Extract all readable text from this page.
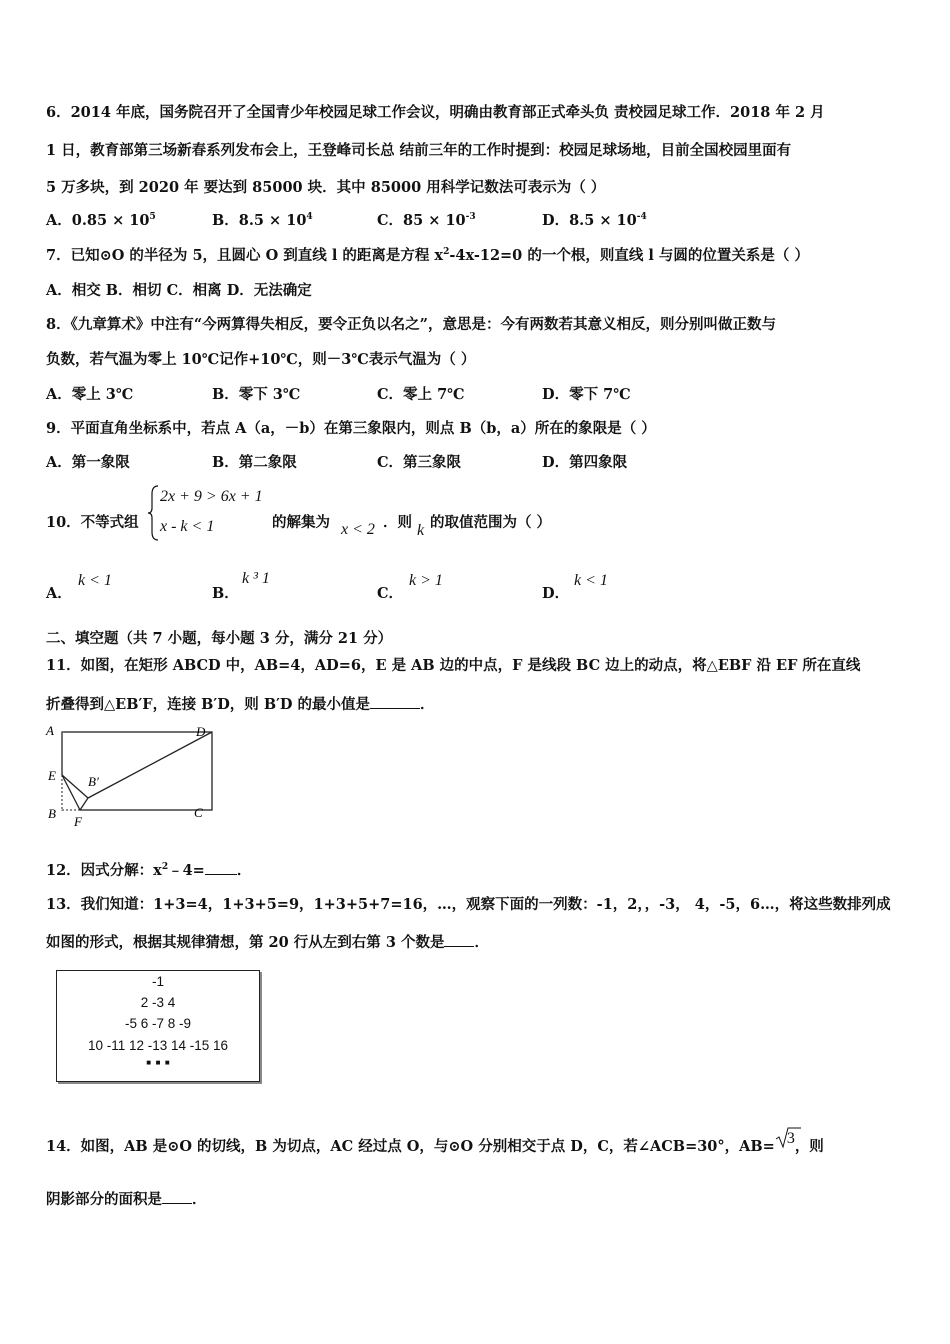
6．2014 年底，国务院召开了全国青少年校园足球工作会议，明确由教育部正式牵头负 责校园足球工作．2018 年 2 月
1 日，教育部第三场新春系列发布会上，王登峰司长总 结前三年的工作时提到：校园足球场地，目前全国校园里面有
5 万多块，到 2020 年 要达到 85000 块．其中 85000 用科学记数法可表示为（ ）
A．$0.85 \times 10^5$	B．$8.5 \times 10^4$	C．$85 \times 10^{-3}$	D．$8.5 \times 10^{-4}$
7．已知⊙O 的半径为 5，且圆心 O 到直线 l 的距离是方程 $x^2-4x-12=0$ 的一个根，则直线 l 与圆的位置关系是（ ）
A．相交 B．相切 C．相离 D．无法确定
8．《九章算术》中注有“今两算得失相反，要令正负以名之”，意思是：今有两数若其意义相反，则分别叫做正数与
负数，若气温为零上 10℃记作+10℃，则－3℃表示气温为（ ）
A．零上 3℃	B．零下 3℃	C．零上 7℃	D．零下 7℃
9．平面直角坐标系中，若点 A（a，－b）在第三象限内，则点 B（b，a）所在的象限是（ ）
A．第一象限	B．第二象限	C．第三象限	D．第四象限
10．不等式组
2x + 9 > 6x + 1
x - k < 1	的解集为 x < 2 ．则 k 的取值范围为（ ）
A．
k < 1
B．
k ³ 1
C．
k > 1
D．
k < 1
二、填空题（共 7 小题，每小题 3 分，满分 21 分）
11．如图，在矩形 ABCD 中，AB=4，AD=6，E 是 AB 边的中点，F 是线段 BC 边上的动点，将△EBF 沿 EF 所在直线
折叠得到△EB′F，连接 B′D，则 B′D 的最小值是	．
A	D
E B′
B	C
F
12．因式分解：$x^2﹣4=$ ．
13．我们知道：1+3=4，1+3+5=9，1+3+5+7=16，…，观察下面的一列数：-1，2，，-3， 4，-5，6…，将这些数排列成
如图的形式，根据其规律猜想，第 20 行从左到右第 3 个数是 ．
-1
2 -3 4
-5 6 -7 8 -9
10 -11 12 -13 14 -15 16
■  ■  ■
14．如图，AB 是⊙O 的切线，B 为切点，AC 经过点 O，与⊙O 分别相交于点 D，C，若∠ACB=30°，AB= 3，则
阴影部分的面积是 ．
